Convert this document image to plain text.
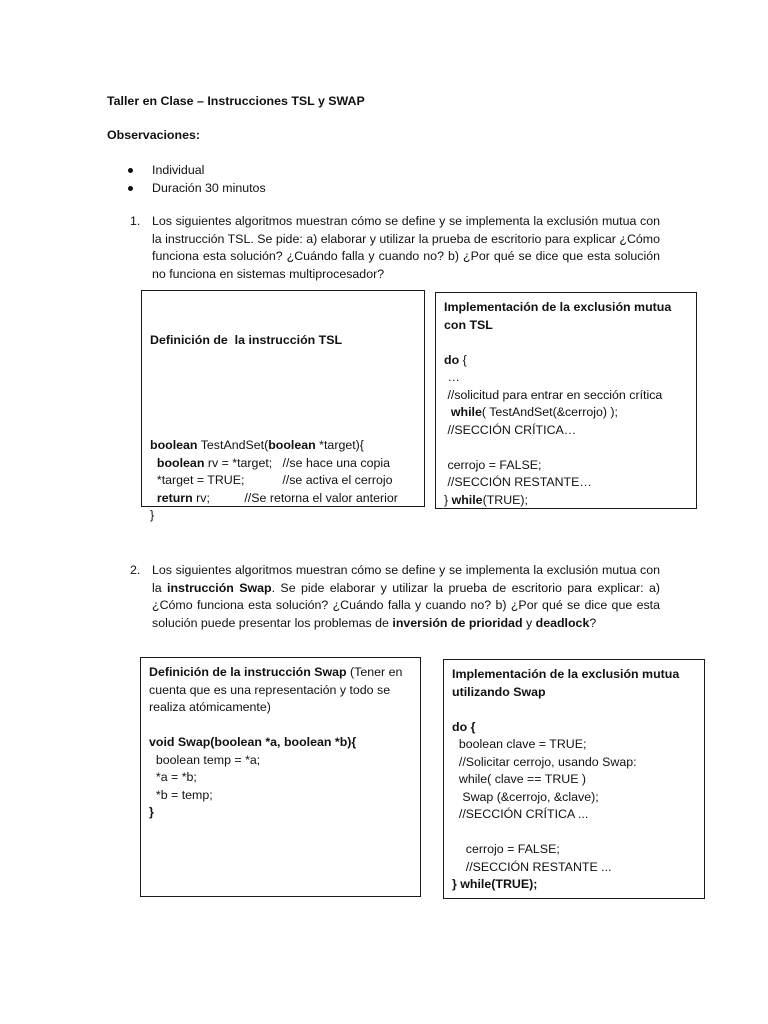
Taller en Clase – Instrucciones TSL y SWAP
Observaciones:
Individual
Duración 30 minutos
1. Los siguientes algoritmos muestran cómo se define y se implementa la exclusión mutua con la instrucción TSL. Se pide: a) elaborar y utilizar la prueba de escritorio para explicar ¿Cómo funciona esta solución? ¿Cuándo falla y cuando no? b) ¿Por qué se dice que esta solución no funciona en sistemas multiprocesador?

Definición de  la instrucción TSL

boolean TestAndSet(boolean *target){
boolean rv = *target;   //se hace una copia
*target = TRUE;           //se activa el cerrojo
return rv;          //Se retorna el valor anterior
}

Implementación de la exclusión mutua con TSL
do {
…
//solicitud para entrar en sección crítica
while( TestAndSet(&cerrojo) );
//SECCIÓN CRÍTICA…
cerrojo = FALSE;
//SECCIÓN RESTANTE…
} while(TRUE);
2. Los siguientes algoritmos muestran cómo se define y se implementa la exclusión mutua con la instrucción Swap. Se pide elaborar y utilizar la prueba de escritorio para explicar: a) ¿Cómo funciona esta solución? ¿Cuándo falla y cuando no? b) ¿Por qué se dice que esta solución puede presentar los problemas de inversión de prioridad y deadlock?
Definición de la instrucción Swap (Tener en cuenta que es una representación y todo se realiza atómicamente)
void Swap(boolean *a, boolean *b){
boolean temp = *a;
*a = *b;
*b = temp;
}
Implementación de la exclusión mutua utilizando Swap
do {
boolean clave = TRUE;
//Solicitar cerrojo, usando Swap:
while( clave == TRUE )
Swap (&cerrojo, &clave);
//SECCIÓN CRÍTICA ...
cerrojo = FALSE;
//SECCIÓN RESTANTE ...
} while(TRUE);
